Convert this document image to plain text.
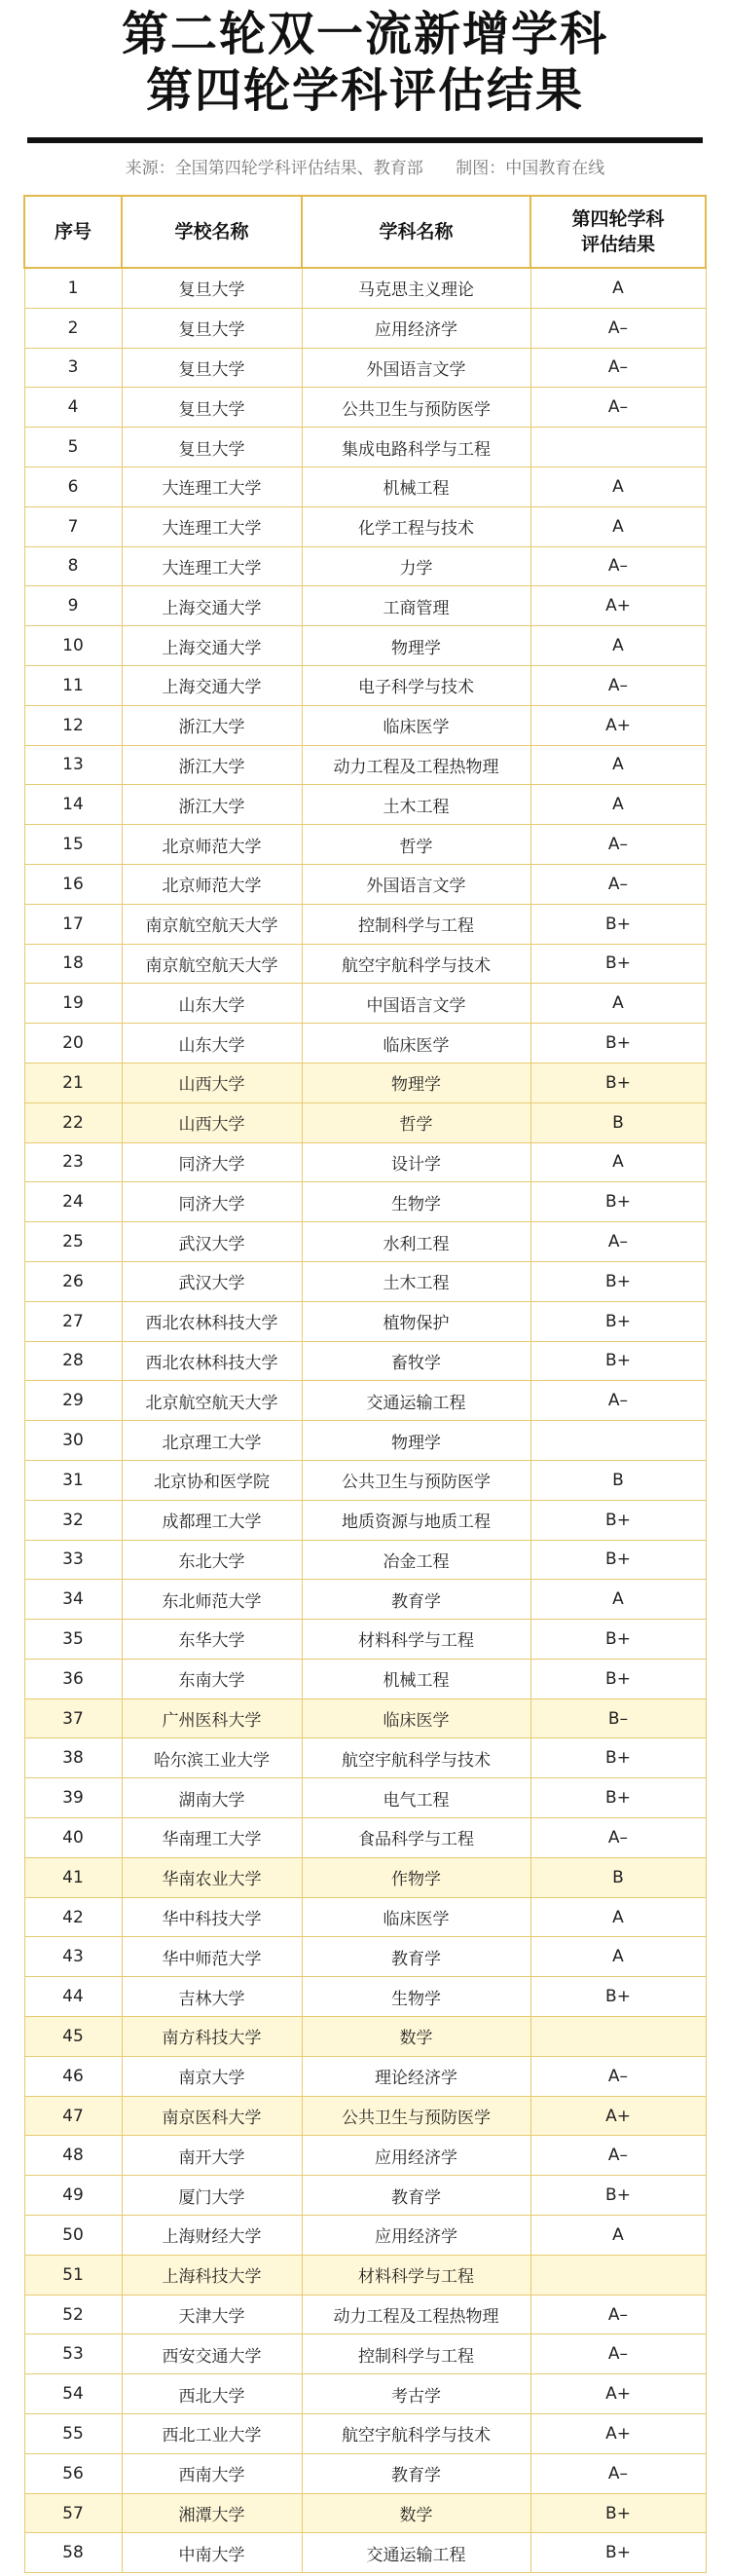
第二轮双一流新增学科
第四轮学科评估结果
来源：全国第四轮学科评估结果、教育部 制图：中国教育在线
序号	学校名称	学科名称	第四轮学科
评估结果

1	复旦大学	马克思主义理论	A
2	复旦大学	应用经济学	A–
3	复旦大学	外国语言文学	A–
4	复旦大学	公共卫生与预防医学	A–
5	复旦大学	集成电路科学与工程	
6	大连理工大学	机械工程	A
7	大连理工大学	化学工程与技术	A
8	大连理工大学	力学	A–
9	上海交通大学	工商管理	A+
10	上海交通大学	物理学	A
11	上海交通大学	电子科学与技术	A–
12	浙江大学	临床医学	A+
13	浙江大学	动力工程及工程热物理	A
14	浙江大学	土木工程	A
15	北京师范大学	哲学	A–
16	北京师范大学	外国语言文学	A–
17	南京航空航天大学	控制科学与工程	B+
18	南京航空航天大学	航空宇航科学与技术	B+
19	山东大学	中国语言文学	A
20	山东大学	临床医学	B+
21	山西大学	物理学	B+
22	山西大学	哲学	B
23	同济大学	设计学	A
24	同济大学	生物学	B+
25	武汉大学	水利工程	A–
26	武汉大学	土木工程	B+
27	西北农林科技大学	植物保护	B+
28	西北农林科技大学	畜牧学	B+
29	北京航空航天大学	交通运输工程	A–
30	北京理工大学	物理学	
31	北京协和医学院	公共卫生与预防医学	B
32	成都理工大学	地质资源与地质工程	B+
33	东北大学	冶金工程	B+
34	东北师范大学	教育学	A
35	东华大学	材料科学与工程	B+
36	东南大学	机械工程	B+
37	广州医科大学	临床医学	B–
38	哈尔滨工业大学	航空宇航科学与技术	B+
39	湖南大学	电气工程	B+
40	华南理工大学	食品科学与工程	A–
41	华南农业大学	作物学	B
42	华中科技大学	临床医学	A
43	华中师范大学	教育学	A
44	吉林大学	生物学	B+
45	南方科技大学	数学	
46	南京大学	理论经济学	A–
47	南京医科大学	公共卫生与预防医学	A+
48	南开大学	应用经济学	A–
49	厦门大学	教育学	B+
50	上海财经大学	应用经济学	A
51	上海科技大学	材料科学与工程	
52	天津大学	动力工程及工程热物理	A–
53	西安交通大学	控制科学与工程	A–
54	西北大学	考古学	A+
55	西北工业大学	航空宇航科学与技术	A+
56	西南大学	教育学	A–
57	湘潭大学	数学	B+
58	中南大学	交通运输工程	B+
